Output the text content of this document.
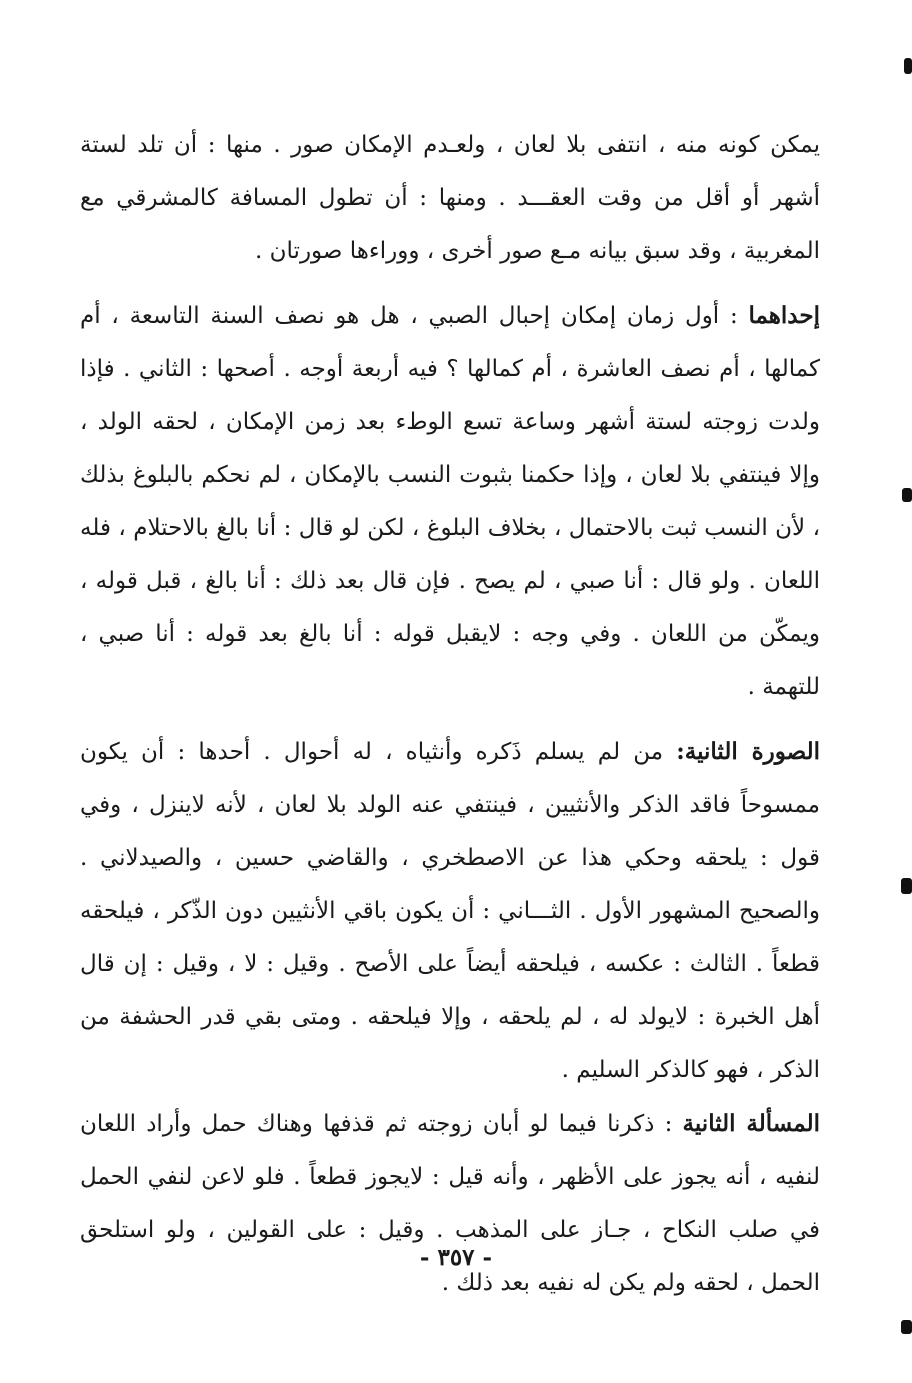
يمكن كونه منه ، انتفى بلا لعان ، ولعـدم الإمكان صور . منها : أن تلد لستة أشهر أو أقل من وقت العقـــد . ومنها : أن تطول المسافة كالمشرقي مع المغربية ، وقد سبق بيانه مـع صور أخرى ، ووراءها صورتان .

إحداهما : أول زمان إمكان إحبال الصبي ، هل هو نصف السنة التاسعة ، أم كمالها ، أم نصف العاشرة ، أم كمالها ؟ فيه أربعة أوجه . أصحها : الثاني . فإذا ولدت زوجته لستة أشهر وساعة تسع الوطء بعد زمن الإمكان ، لحقه الولد ، وإلا فينتفي بلا لعان ، وإذا حكمنا بثبوت النسب بالإمكان ، لم نحكم بالبلوغ بذلك ، لأن النسب ثبت بالاحتمال ، بخلاف البلوغ ، لكن لو قال : أنا بالغ بالاحتلام ، فله اللعان . ولو قال : أنا صبي ، لم يصح . فإن قال بعد ذلك : أنا بالغ ، قبل قوله ، ويمكّن من اللعان . وفي وجه : لايقبل قوله : أنا بالغ بعد قوله : أنا صبي ، للتهمة .

الصورة الثانية: من لم يسلم ذَكره وأنثياه ، له أحوال . أحدها : أن يكون ممسوحاً فاقد الذكر والأنثيين ، فينتفي عنه الولد بلا لعان ، لأنه لاينزل ، وفي قول : يلحقه وحكي هذا عن الاصطخري ، والقاضي حسين ، والصيدلاني . والصحيح المشهور الأول . الثـــاني : أن يكون باقي الأنثيين دون الذّكر ، فيلحقه قطعاً . الثالث : عكسه ، فيلحقه أيضاً على الأصح . وقيل : لا ، وقيل : إن قال أهل الخبرة : لايولد له ، لم يلحقه ، وإلا فيلحقه . ومتى بقي قدر الحشفة من الذكر ، فهو كالذكر السليم .

المسألة الثانية : ذكرنا فيما لو أبان زوجته ثم قذفها وهناك حمل وأراد اللعان لنفيه ، أنه يجوز على الأظهر ، وأنه قيل : لايجوز قطعاً . فلو لاعن لنفي الحمل في صلب النكاح ، جـاز على المذهب . وقيل : على القولين ، ولو استلحق الحمل ، لحقه ولم يكن له نفيه بعد ذلك .

- ٣٥٧ -
